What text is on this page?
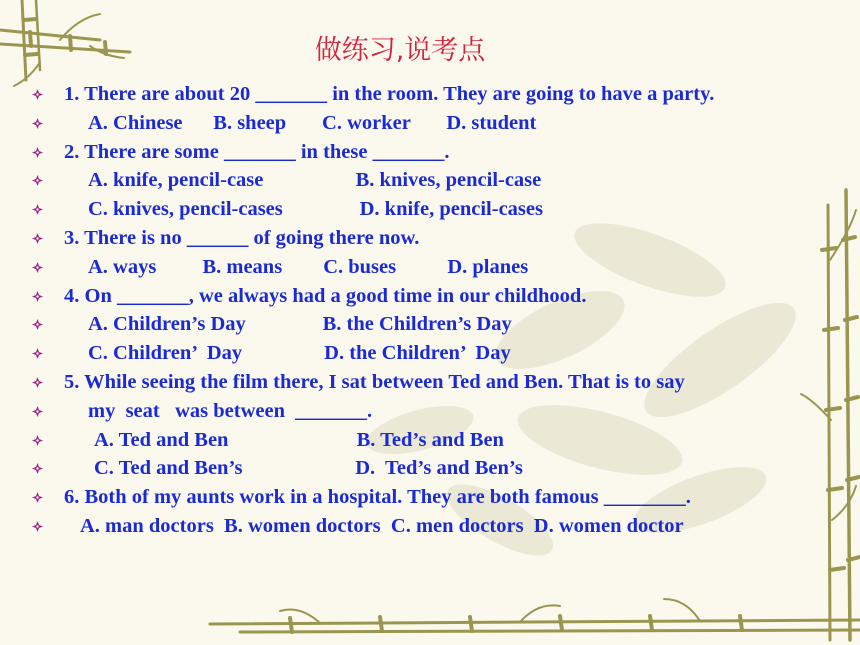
做练习,说考点
1. There are about 20 _______ in the room. They are going to have a party.
A. Chinese      B. sheep       C. worker       D. student
2. There are some _______ in these _______.
A. knife, pencil-case                  B. knives, pencil-case
C. knives, pencil-cases               D. knife, pencil-cases
3. There is no ______ of going there now.
A. ways         B. means        C. buses          D. planes
4. On _______, we always had a good time in our childhood.
A. Children’s Day               B. the Children’s Day
C. Children’  Day                D. the Children’  Day
5. While seeing the film there, I sat between Ted and Ben. That is to say
my  seat   was between  _______.
A. Ted and Ben                         B. Ted’s and Ben
C. Ted and Ben’s                      D.  Ted’s and Ben’s
6. Both of my aunts work in a hospital. They are both famous ________.
A. man doctors  B. women doctors  C. men doctors  D. women doctor
